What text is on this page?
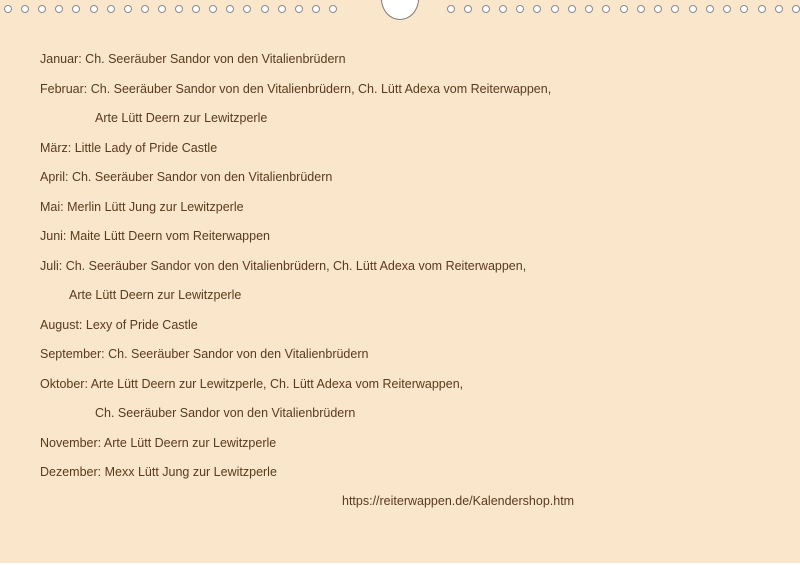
Januar: Ch. Seeräuber Sandor von den Vitalienbrüdern
Februar: Ch. Seeräuber Sandor von den Vitalienbrüdern, Ch. Lütt Adexa vom Reiterwappen,
Arte Lütt Deern zur Lewitzperle
März: Little Lady of Pride Castle
April: Ch. Seeräuber Sandor von den Vitalienbrüdern
Mai: Merlin Lütt Jung zur Lewitzperle
Juni: Maite Lütt Deern vom Reiterwappen
Juli: Ch. Seeräuber Sandor von den Vitalienbrüdern, Ch. Lütt Adexa vom Reiterwappen,
Arte Lütt Deern zur Lewitzperle
August: Lexy of Pride Castle
September: Ch. Seeräuber Sandor von den Vitalienbrüdern
Oktober: Arte Lütt Deern zur Lewitzperle, Ch. Lütt Adexa vom Reiterwappen,
Ch. Seeräuber Sandor von den Vitalienbrüdern
November: Arte Lütt Deern zur Lewitzperle
Dezember: Mexx Lütt Jung zur Lewitzperle
https://reiterwappen.de/Kalendershop.htm
